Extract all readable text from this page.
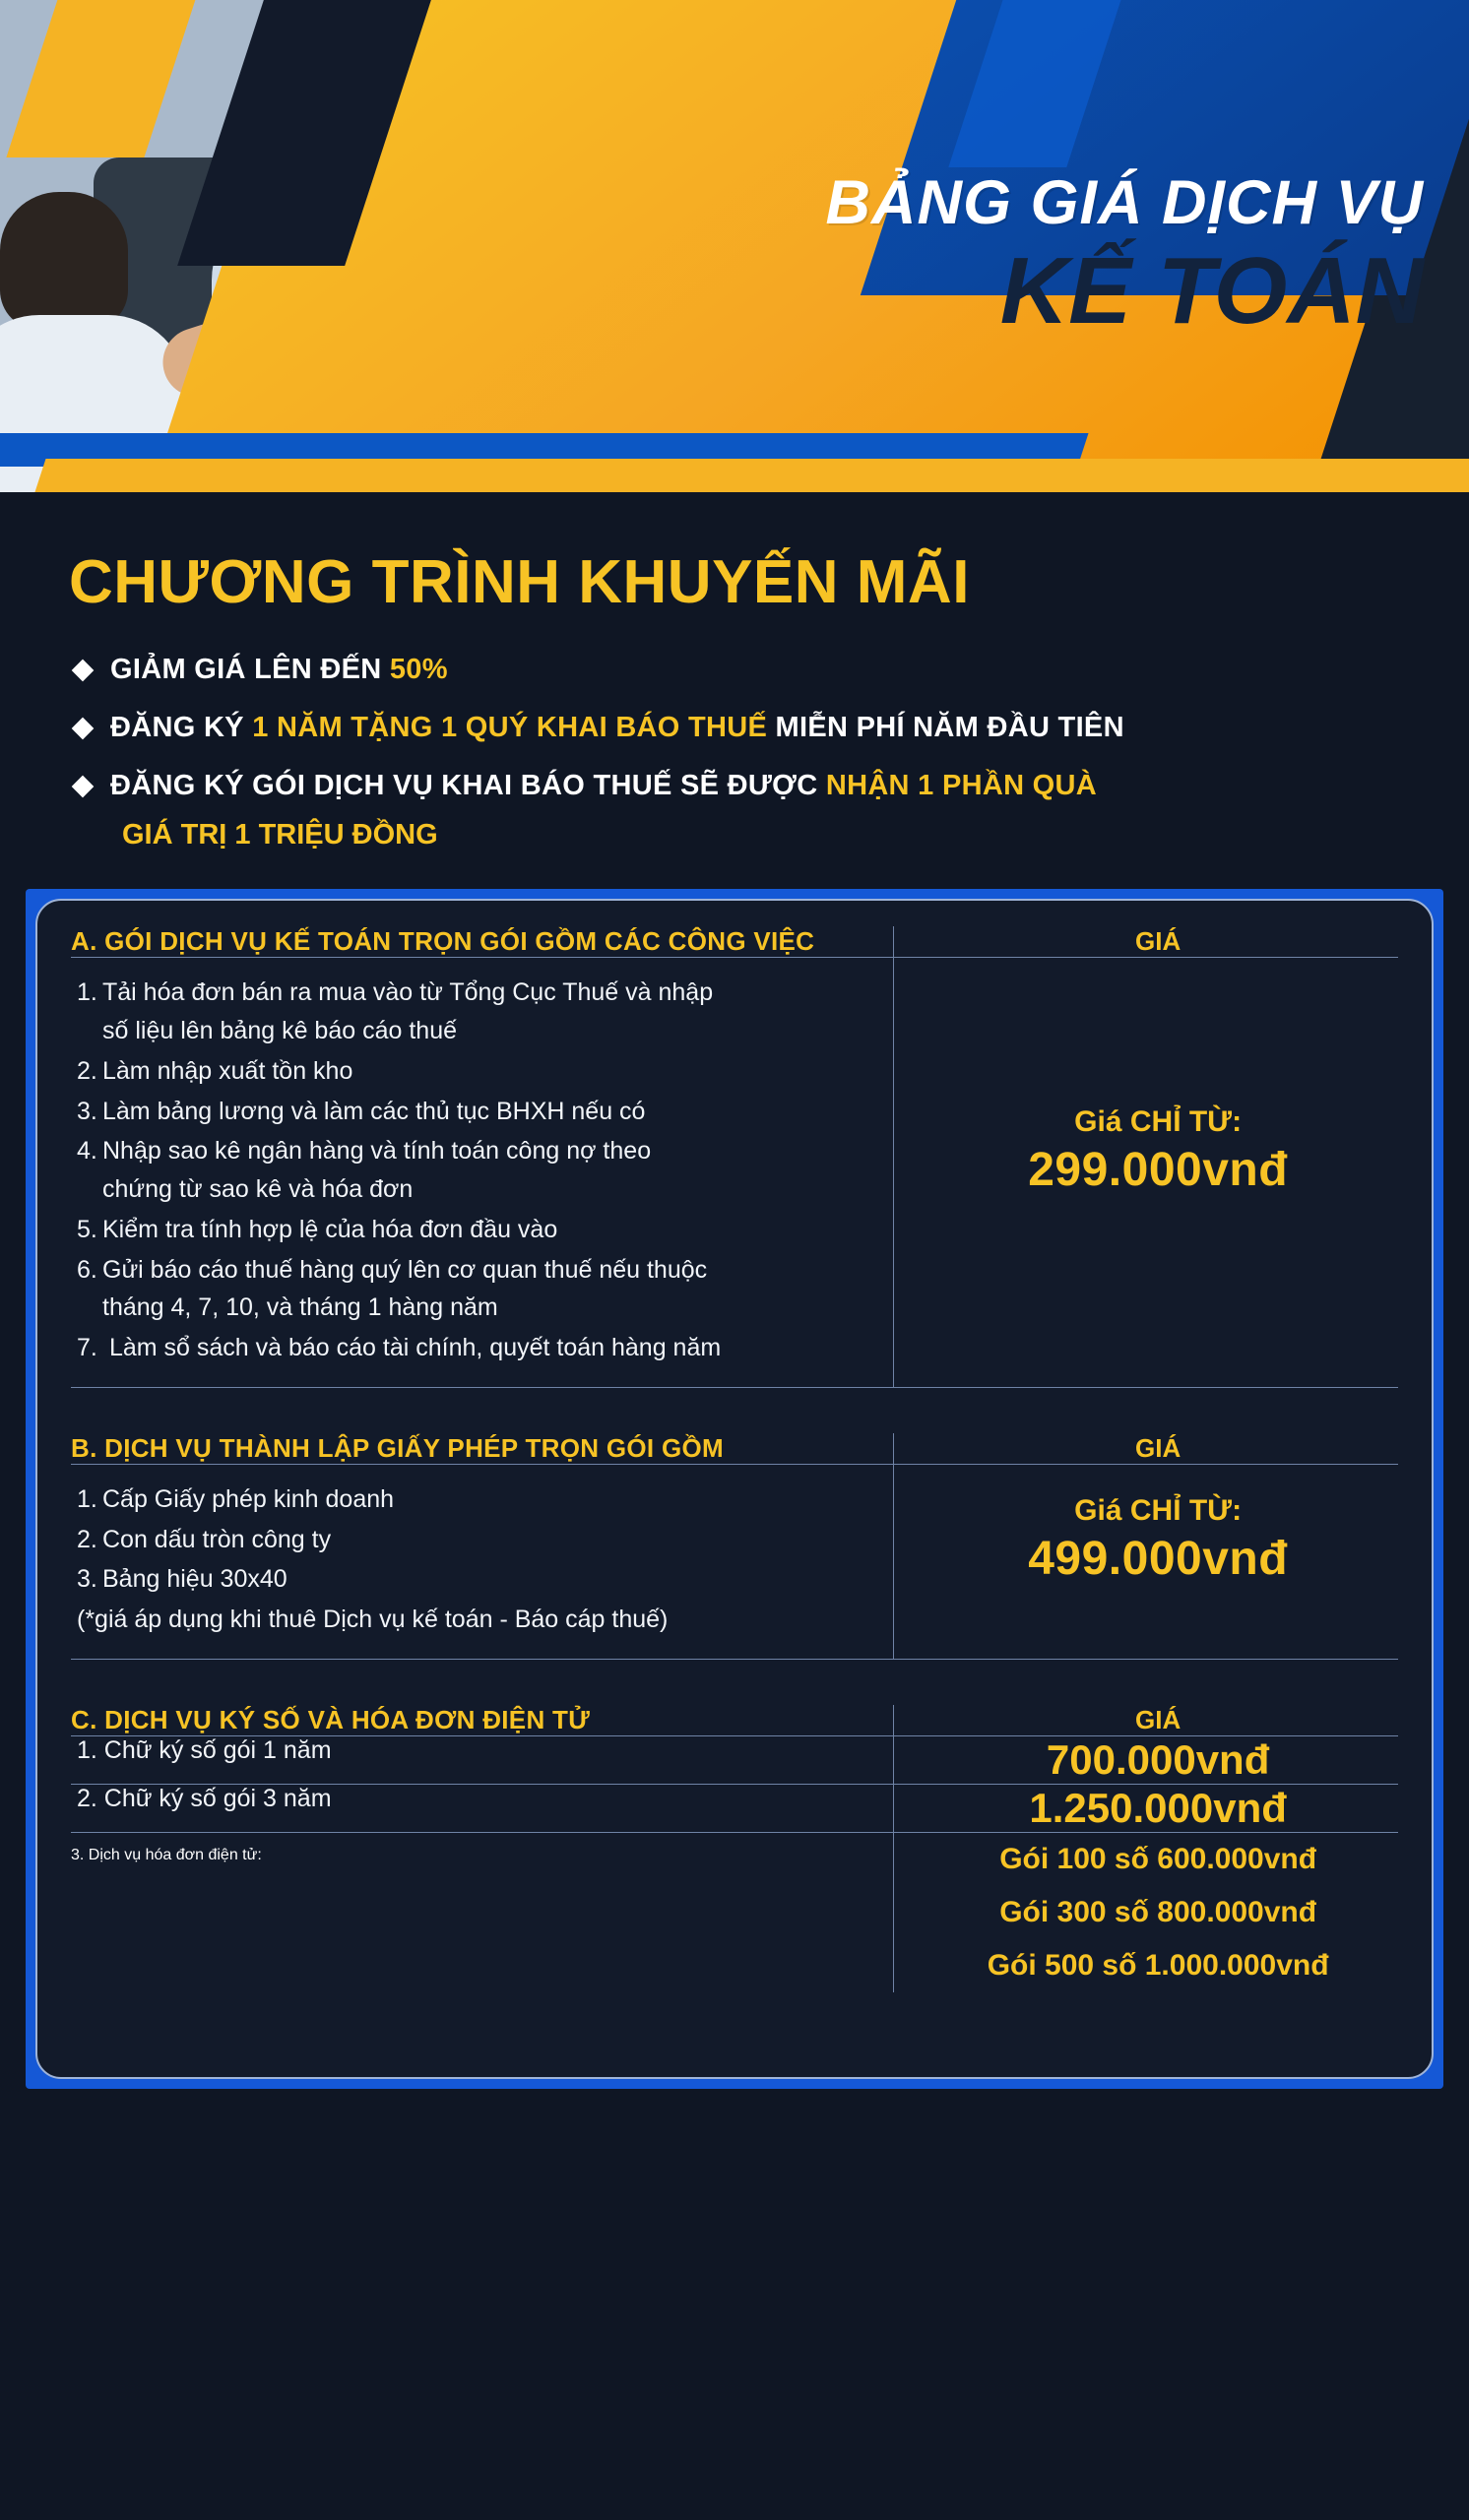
BẢNG GIÁ DỊCH VỤ
KẾ TOÁN
CHƯƠNG TRÌNH KHUYẾN MÃI
GIẢM GIÁ LÊN ĐẾN 50%
ĐĂNG KÝ 1 NĂM TẶNG 1 QUÝ KHAI BÁO THUẾ MIỄN PHÍ NĂM ĐẦU TIÊN
ĐĂNG KÝ GÓI DỊCH VỤ KHAI BÁO THUẾ SẼ ĐƯỢC NHẬN 1 PHẦN QUÀ
GIÁ TRỊ 1 TRIỆU ĐỒNG
A. GÓI DỊCH VỤ KẾ TOÁN TRỌN GÓI GỒM CÁC CÔNG VIỆC	GIÁ

1. Tải hóa đơn bán ra mua vào từ Tổng Cục Thuế và nhập
số liệu lên bảng kê báo cáo thuế
2. Làm nhập xuất tồn kho
3. Làm bảng lương và làm các thủ tục BHXH nếu có
4. Nhập sao kê ngân hàng và tính toán công nợ theo
chứng từ sao kê và hóa đơn
5. Kiểm tra tính hợp lệ của hóa đơn đầu vào
6. Gửi báo cáo thuế hàng quý lên cơ quan thuế nếu thuộc
tháng 4, 7, 10, và tháng 1 hàng năm
7. Làm sổ sách và báo cáo tài chính, quyết toán hàng năm

Giá CHỈ TỪ:
299.000vnđ

B. DỊCH VỤ THÀNH LẬP GIẤY PHÉP TRỌN GÓI GỒM	GIÁ

1. Cấp Giấy phép kinh doanh
2. Con dấu tròn công ty
3. Bảng hiệu 30x40
(*giá áp dụng khi thuê Dịch vụ kế toán - Báo cáp thuế)

Giá CHỈ TỪ:
499.000vnđ

C. DỊCH VỤ KÝ SỐ VÀ HÓA ĐƠN ĐIỆN TỬ	GIÁ

1. Chữ ký số gói 1 năm	700.000vnđ

2. Chữ ký số gói 3 năm	1.250.000vnđ

3. Dịch vụ hóa đơn điện tử:	Gói 100 số 600.000vnđ
Gói 300 số 800.000vnđ
Gói 500 số 1.000.000vnđ
